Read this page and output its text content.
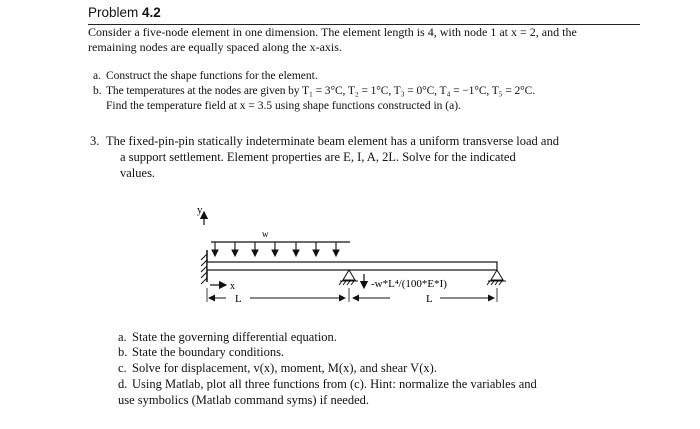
Problem 4.2
Consider a five-node element in one dimension. The element length is 4, with node 1 at x = 2, and the
remaining nodes are equally spaced along the x-axis.
a. Construct the shape functions for the element.
b. The temperatures at the nodes are given by T₁ = 3°C, T₂ = 1°C, T₃ = 0°C, T₄ = −1°C, T₅ = 2°C.
Find the temperature field at x = 3.5 using shape functions constructed in (a).
3. The fixed-pin-pin statically indeterminate beam element has a uniform transverse load and
a support settlement. Element properties are E, I, A, 2L. Solve for the indicated
values.
y
w
x	-w*L⁴/(100*E*I)
L	L
a. State the governing differential equation.
b. State the boundary conditions.
c. Solve for displacement, v(x), moment, M(x), and shear V(x).
d. Using Matlab, plot all three functions from (c). Hint: normalize the variables and
use symbolics (Matlab command syms) if needed.
